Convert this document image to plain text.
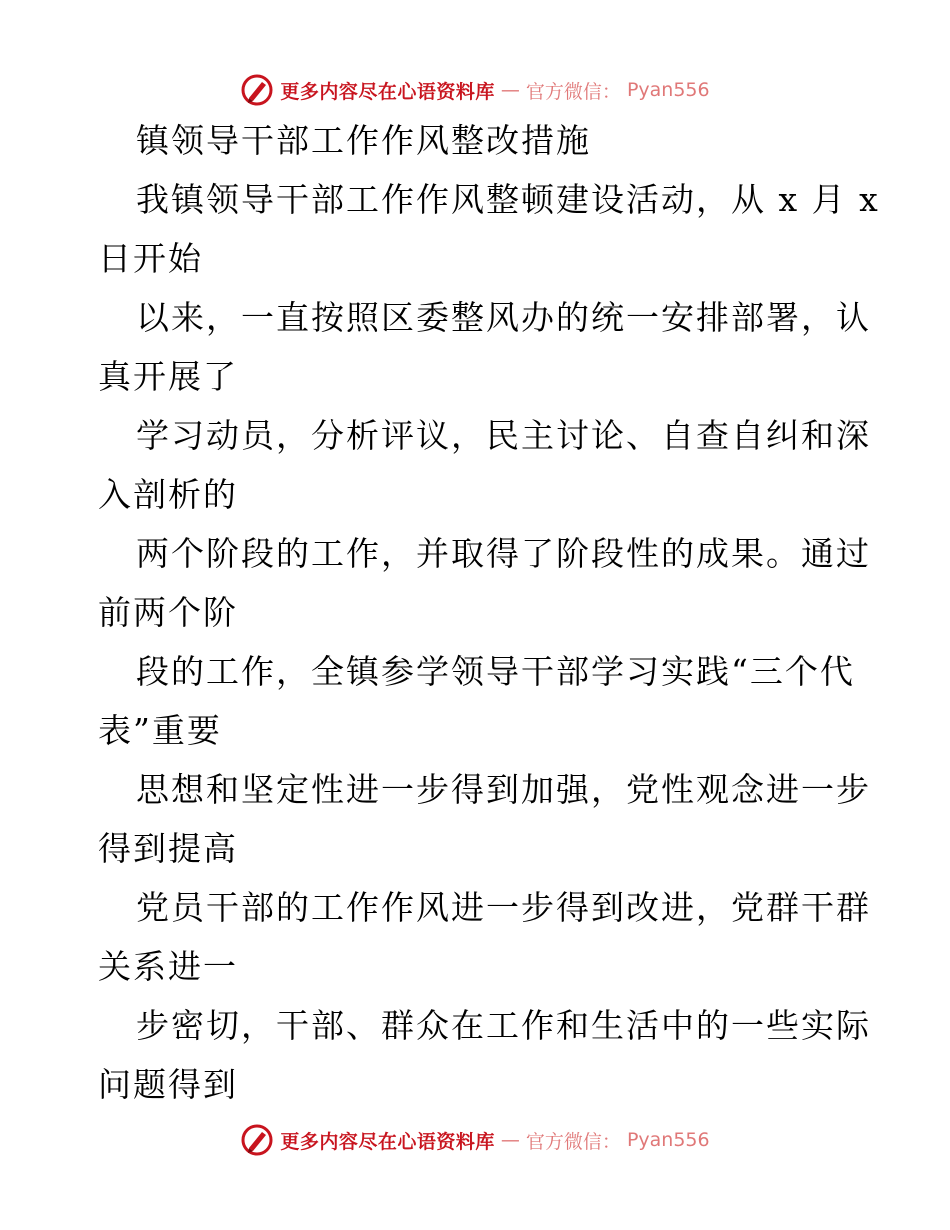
更多内容尽在心语资料库 — 官方微信： Pyan556
镇领导干部工作作风整改措施
我镇领导干部工作作风整顿建设活动，从 x 月 x
日开始
以来，一直按照区委整风办的统一安排部署，认
真开展了
学习动员，分析评议，民主讨论、自查自纠和深
入剖析的
两个阶段的工作，并取得了阶段性的成果。通过
前两个阶
段的工作，全镇参学领导干部学习实践“三个代
表”重要
思想和坚定性进一步得到加强，党性观念进一步
得到提高
党员干部的工作作风进一步得到改进，党群干群
关系进一
步密切，干部、群众在工作和生活中的一些实际
问题得到
更多内容尽在心语资料库 — 官方微信： Pyan556
